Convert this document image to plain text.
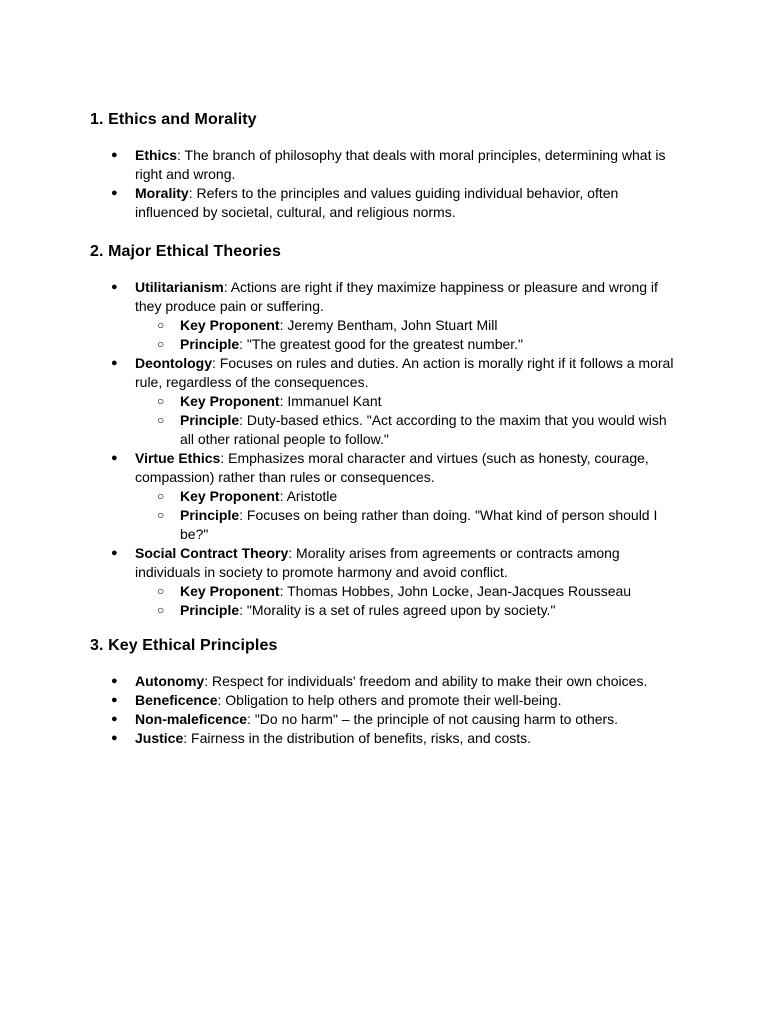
1. Ethics and Morality
● Ethics: The branch of philosophy that deals with moral principles, determining what is right and wrong.
● Morality: Refers to the principles and values guiding individual behavior, often influenced by societal, cultural, and religious norms.
2. Major Ethical Theories
● Utilitarianism: Actions are right if they maximize happiness or pleasure and wrong if they produce pain or suffering.
○ Key Proponent: Jeremy Bentham, John Stuart Mill
○ Principle: "The greatest good for the greatest number."
● Deontology: Focuses on rules and duties. An action is morally right if it follows a moral rule, regardless of the consequences.
○ Key Proponent: Immanuel Kant
○ Principle: Duty-based ethics. "Act according to the maxim that you would wish all other rational people to follow."
● Virtue Ethics: Emphasizes moral character and virtues (such as honesty, courage, compassion) rather than rules or consequences.
○ Key Proponent: Aristotle
○ Principle: Focuses on being rather than doing. "What kind of person should I be?"
● Social Contract Theory: Morality arises from agreements or contracts among individuals in society to promote harmony and avoid conflict.
○ Key Proponent: Thomas Hobbes, John Locke, Jean-Jacques Rousseau
○ Principle: "Morality is a set of rules agreed upon by society."
3. Key Ethical Principles
● Autonomy: Respect for individuals' freedom and ability to make their own choices.
● Beneficence: Obligation to help others and promote their well-being.
● Non-maleficence: "Do no harm" – the principle of not causing harm to others.
● Justice: Fairness in the distribution of benefits, risks, and costs.
